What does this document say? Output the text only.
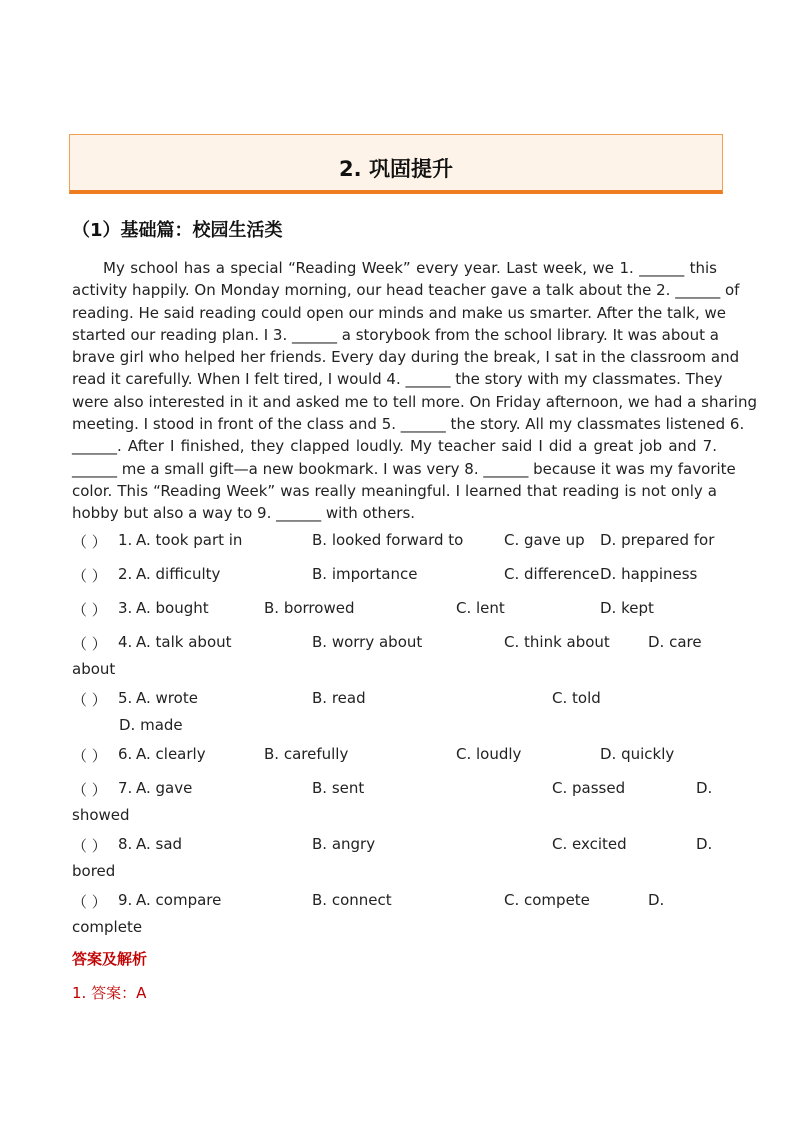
2. 巩固提升
（1）基础篇：校园生活类
My school has a special “Reading Week” every year. Last week, we 1. ______ this
activity happily. On Monday morning, our head teacher gave a talk about the 2. ______ of
reading. He said reading could open our minds and make us smarter. After the talk, we
started our reading plan. I 3. ______ a storybook from the school library. It was about a
brave girl who helped her friends. Every day during the break, I sat in the classroom and
read it carefully. When I felt tired, I would 4. ______ the story with my classmates. They
were also interested in it and asked me to tell more. On Friday afternoon, we had a sharing
meeting. I stood in front of the class and 5. ______ the story. All my classmates listened 6.
______. After I finished, they clapped loudly. My teacher said I did a great job and 7.
______ me a small gift—a new bookmark. I was very 8. ______ because it was my favorite
color. This “Reading Week” was really meaningful. I learned that reading is not only a
hobby but also a way to 9. ______ with others.
（ ） 1. A. took part in	B. looked forward to	C. gave up D. prepared for
（ ） 2. A. difficulty	B. importance	C. difference D. happiness
（ ） 3. A. bought	B. borrowed	C. lent	D. kept
（ ） 4. A. talk about	B. worry about	C. think about	D. care
about
（ ） 5. A. wrote	B. read	C. told
D. made
（ ） 6. A. clearly	B. carefully	C. loudly	D. quickly
（ ） 7. A. gave	B. sent	C. passed	D.
showed
（ ） 8. A. sad	B. angry	C. excited	D.
bored
（ ） 9. A. compare	B. connect	C. compete	D.
complete
答案及解析
1. 答案：A
